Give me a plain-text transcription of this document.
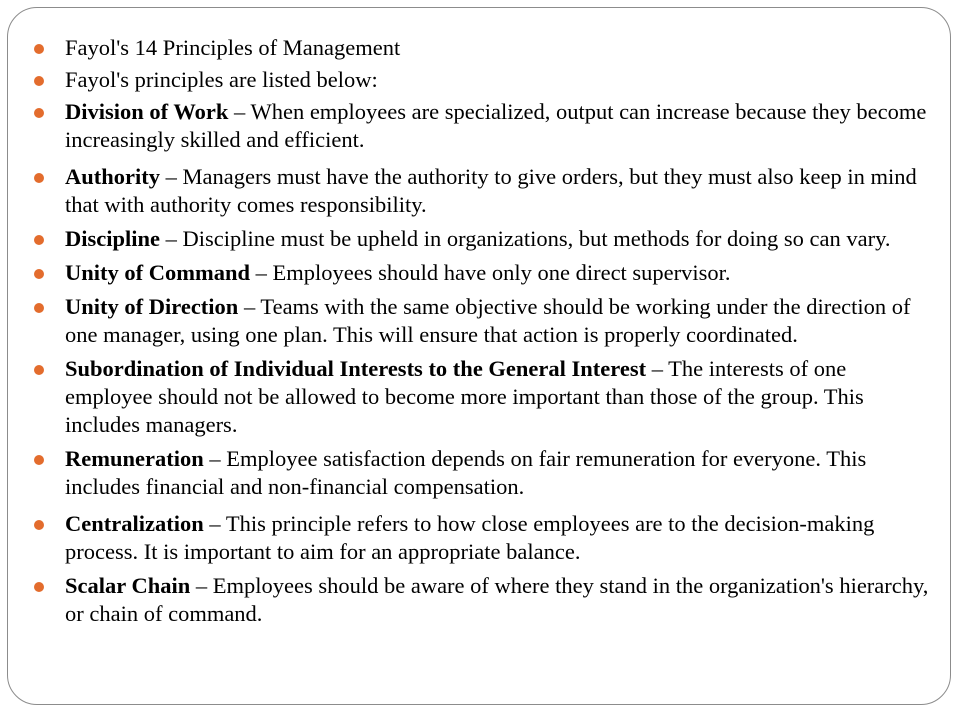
Fayol's 14 Principles of Management
Fayol's principles are listed below:
Division of Work – When employees are specialized, output can increase because they become increasingly skilled and efficient.
Authority – Managers must have the authority to give orders, but they must also keep in mind that with authority comes responsibility.
Discipline – Discipline must be upheld in organizations, but methods for doing so can vary.
Unity of Command – Employees should have only one direct supervisor.
Unity of Direction – Teams with the same objective should be working under the direction of one manager, using one plan. This will ensure that action is properly coordinated.
Subordination of Individual Interests to the General Interest – The interests of one employee should not be allowed to become more important than those of the group. This includes managers.
Remuneration – Employee satisfaction depends on fair remuneration for everyone. This includes financial and non-financial compensation.
Centralization – This principle refers to how close employees are to the decision-making process. It is important to aim for an appropriate balance.
Scalar Chain – Employees should be aware of where they stand in the organization's hierarchy, or chain of command.
